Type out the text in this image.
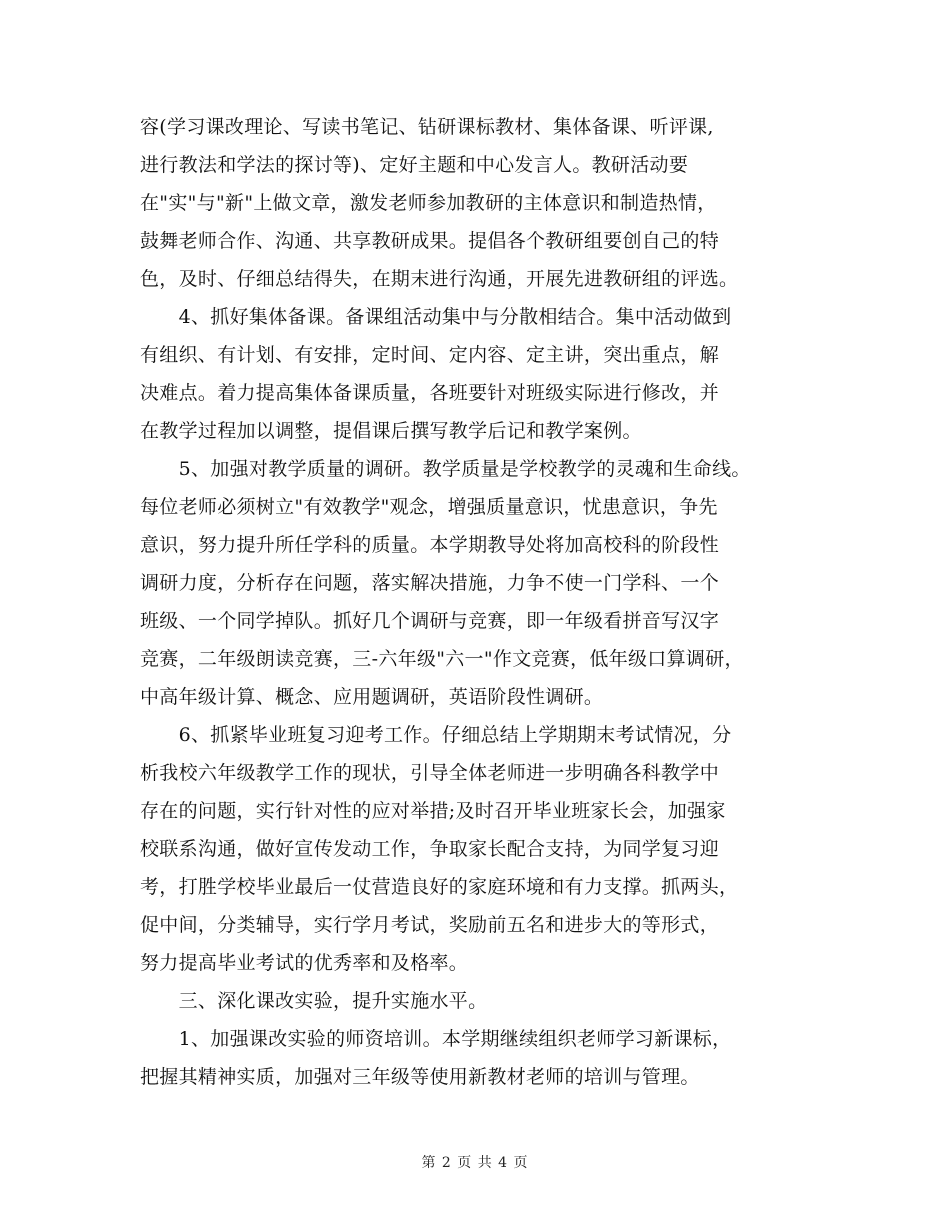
容(学习课改理论、写读书笔记、钻研课标教材、集体备课、听评课,
进行教法和学法的探讨等)、定好主题和中心发言人。教研活动要
在"实"与"新"上做文章，激发老师参加教研的主体意识和制造热情，
鼓舞老师合作、沟通、共享教研成果。提倡各个教研组要创自己的特
色，及时、仔细总结得失，在期末进行沟通，开展先进教研组的评选。
　　4、抓好集体备课。备课组活动集中与分散相结合。集中活动做到
有组织、有计划、有安排，定时间、定内容、定主讲，突出重点，解
决难点。着力提高集体备课质量，各班要针对班级实际进行修改，并
在教学过程加以调整，提倡课后撰写教学后记和教学案例。
　　5、加强对教学质量的调研。教学质量是学校教学的灵魂和生命线。
每位老师必须树立"有效教学"观念，增强质量意识，忧患意识，争先
意识，努力提升所任学科的质量。本学期教导处将加高校科的阶段性
调研力度，分析存在问题，落实解决措施，力争不使一门学科、一个
班级、一个同学掉队。抓好几个调研与竞赛，即一年级看拼音写汉字
竞赛，二年级朗读竞赛，三-六年级"六一"作文竞赛，低年级口算调研，
中高年级计算、概念、应用题调研，英语阶段性调研。
　　6、抓紧毕业班复习迎考工作。仔细总结上学期期末考试情况，分
析我校六年级教学工作的现状，引导全体老师进一步明确各科教学中
存在的问题，实行针对性的应对举措;及时召开毕业班家长会，加强家
校联系沟通，做好宣传发动工作，争取家长配合支持，为同学复习迎
考，打胜学校毕业最后一仗营造良好的家庭环境和有力支撑。抓两头，
促中间，分类辅导，实行学月考试，奖励前五名和进步大的等形式，
努力提高毕业考试的优秀率和及格率。
　　三、深化课改实验，提升实施水平。
　　1、加强课改实验的师资培训。本学期继续组织老师学习新课标，
把握其精神实质，加强对三年级等使用新教材老师的培训与管理。
第 2 页 共 4 页
